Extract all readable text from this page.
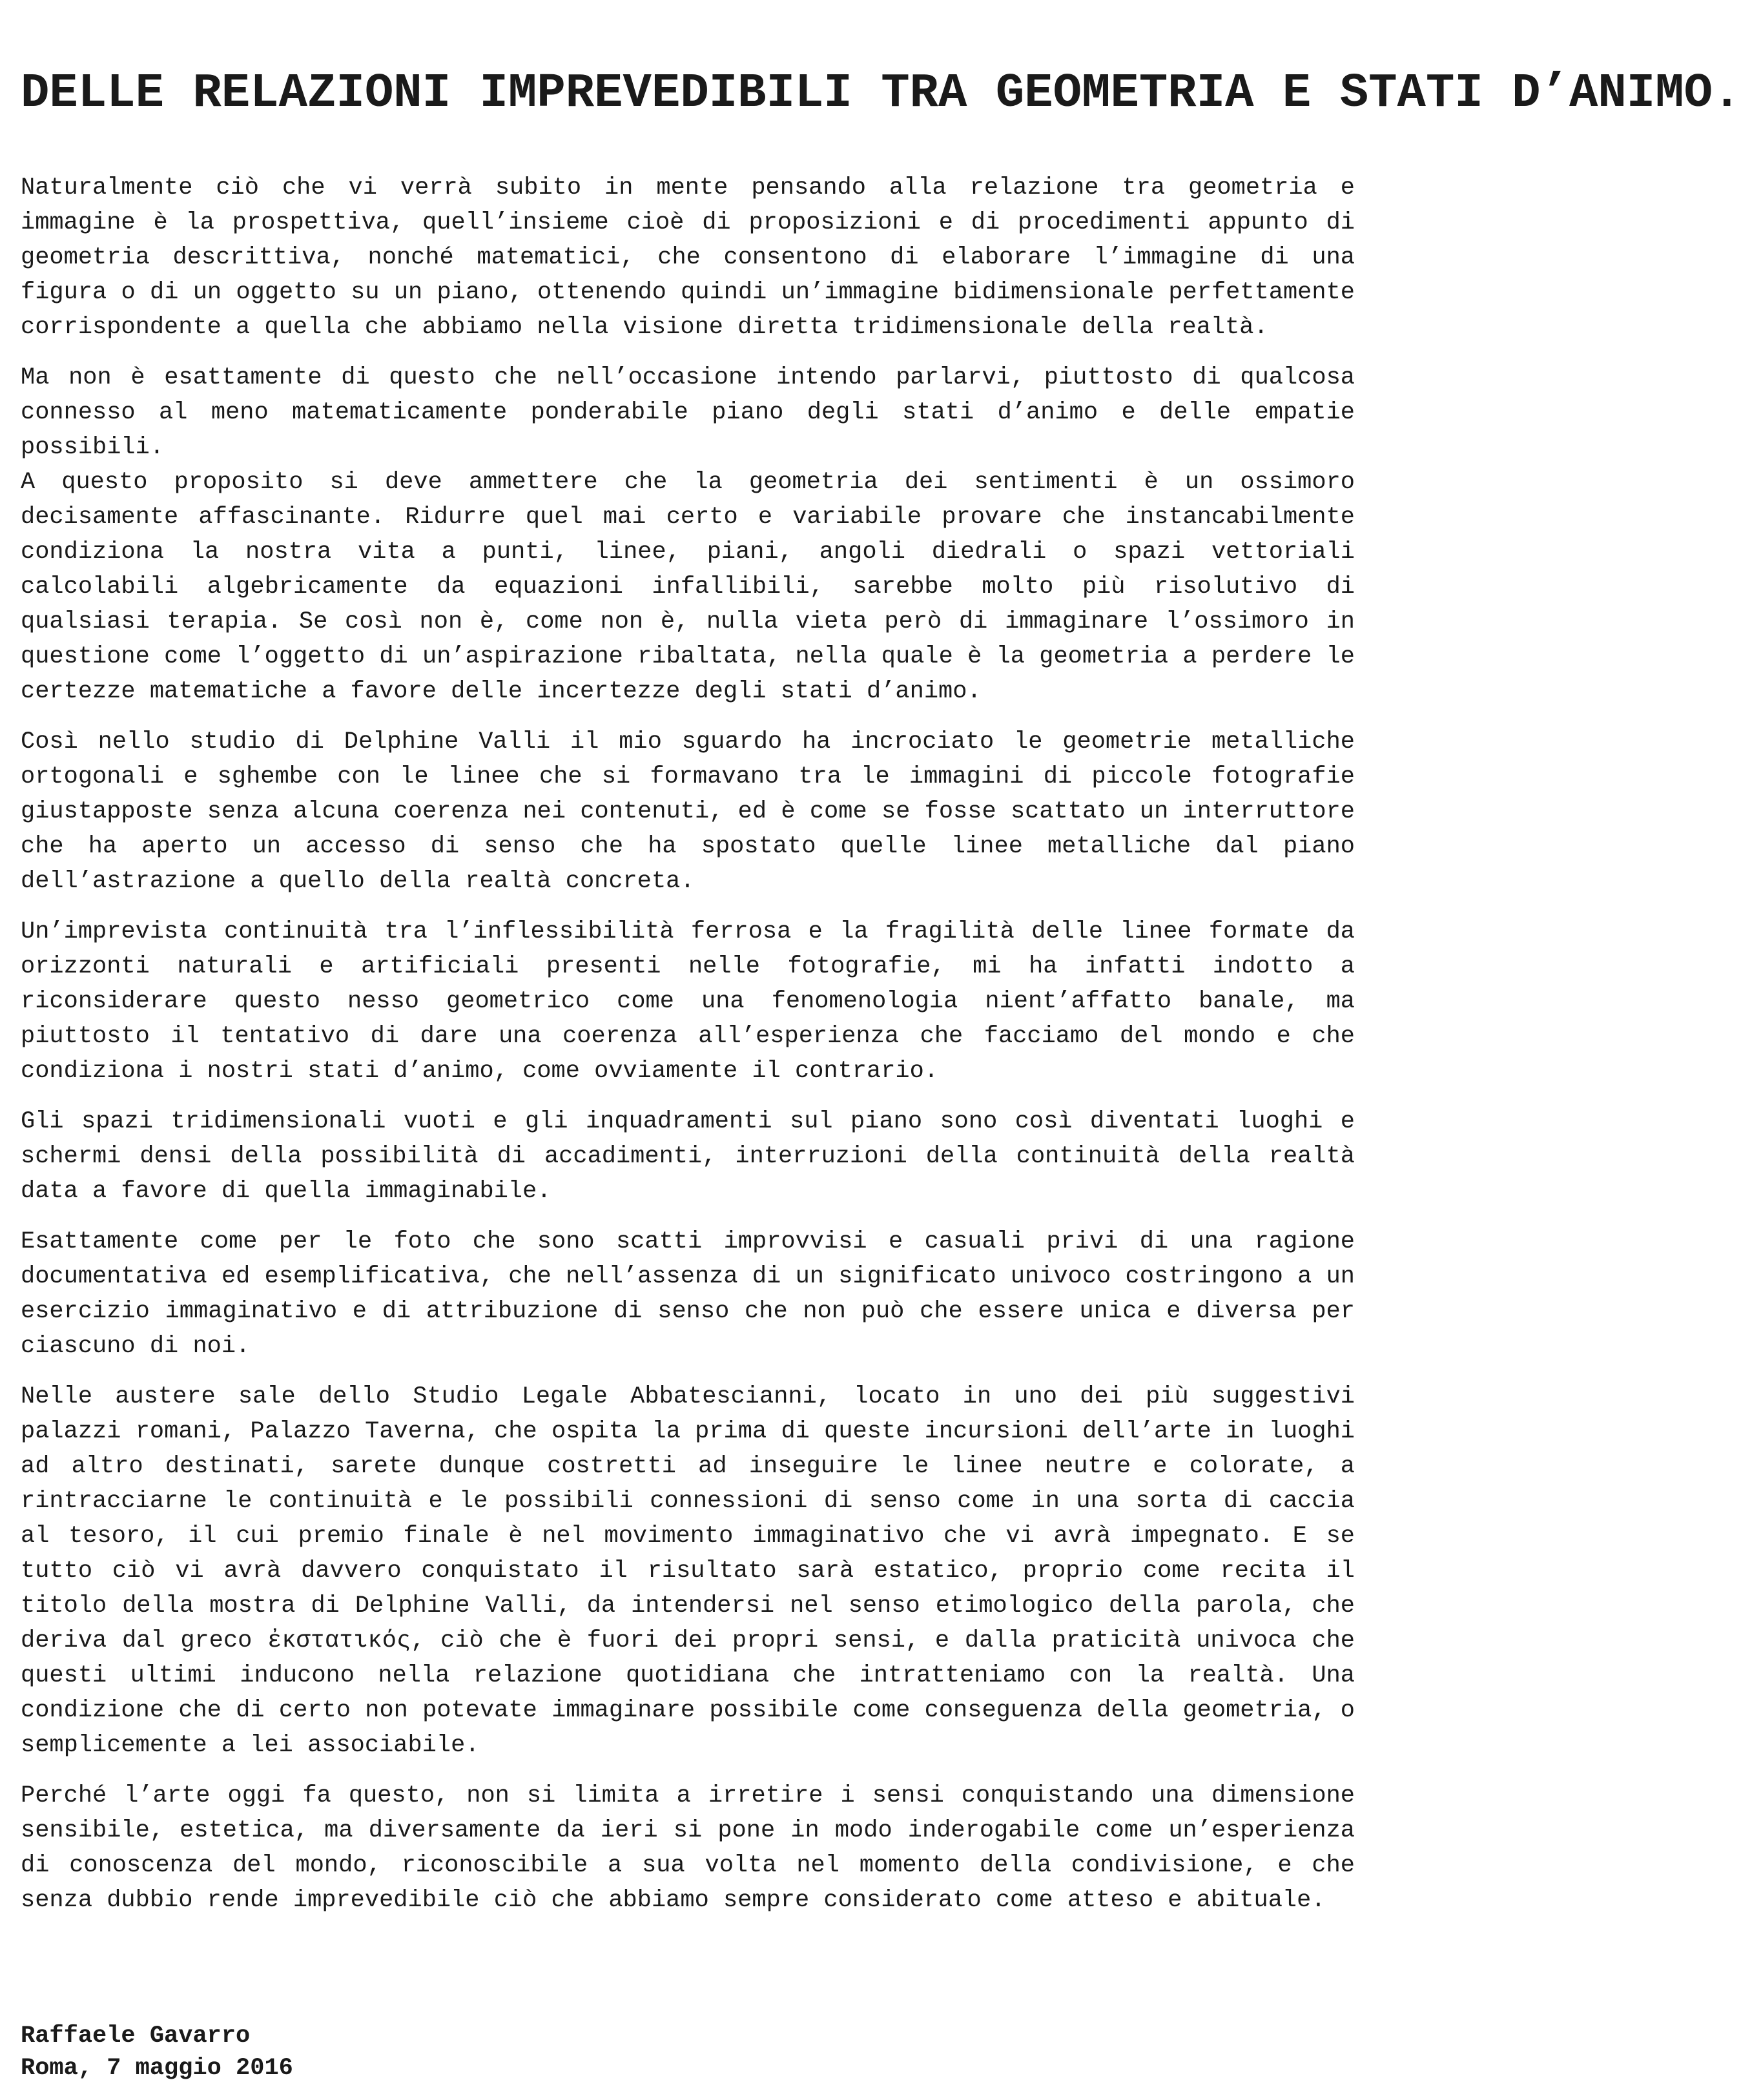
DELLE RELAZIONI IMPREVEDIBILI TRA GEOMETRIA E STATI D’ANIMO.

Naturalmente ciò che vi verrà subito in mente pensando alla relazione tra geometria e immagine è la prospettiva, quell’insieme cioè di proposizioni e di procedimenti appunto di geometria descrittiva, nonché matematici, che consentono di elaborare l’immagine di una figura o di un oggetto su un piano, ottenendo quindi un’immagine bidimensionale perfettamente corrispondente a quella che abbiamo nella visione diretta tridimensionale della realtà.

Ma non è esattamente di questo che nell’occasione intendo parlarvi, piuttosto di qualcosa connesso al meno matematicamente ponderabile piano degli stati d’animo e delle empatie possibili.

A questo proposito si deve ammettere che la geometria dei sentimenti è un ossimoro decisamente affascinante. Ridurre quel mai certo e variabile provare che instancabilmente condiziona la nostra vita a punti, linee, piani, angoli diedrali o spazi vettoriali calcolabili algebricamente da equazioni infallibili, sarebbe molto più risolutivo di qualsiasi terapia. Se così non è, come non è, nulla vieta però di immaginare l’ossimoro in questione come l’oggetto di un’aspirazione ribaltata, nella quale è la geometria a perdere le certezze matematiche a favore delle incertezze degli stati d’animo.

Così nello studio di Delphine Valli il mio sguardo ha incrociato le geometrie metalliche ortogonali e sghembe con le linee che si formavano tra le immagini di piccole fotografie giustapposte senza alcuna coerenza nei contenuti, ed è come se fosse scattato un interruttore che ha aperto un accesso di senso che ha spostato quelle linee metalliche dal piano dell’astrazione a quello della realtà concreta.

Un’imprevista continuità tra l’inflessibilità ferrosa e la fragilità delle linee formate da orizzonti naturali e artificiali presenti nelle fotografie, mi ha infatti indotto a riconsiderare questo nesso geometrico come una fenomenologia nient’affatto banale, ma piuttosto il tentativo di dare una coerenza all’esperienza che facciamo del mondo e che condiziona i nostri stati d’animo, come ovviamente il contrario.

Gli spazi tridimensionali vuoti e gli inquadramenti sul piano sono così diventati luoghi e schermi densi della possibilità di accadimenti, interruzioni della continuità della realtà data a favore di quella immaginabile.

Esattamente come per le foto che sono scatti improvvisi e casuali privi di una ragione documentativa ed esemplificativa, che nell’assenza di un significato univoco costringono a un esercizio immaginativo e di attribuzione di senso che non può che essere unica e diversa per ciascuno di noi.

Nelle austere sale dello Studio Legale Abbatescianni, locato in uno dei più suggestivi palazzi romani, Palazzo Taverna, che ospita la prima di queste incursioni dell’arte in luoghi ad altro destinati, sarete dunque costretti ad inseguire le linee neutre e colorate, a rintracciarne le continuità e le possibili connessioni di senso come in una sorta di caccia al tesoro, il cui premio finale è nel movimento immaginativo che vi avrà impegnato. E se tutto ciò vi avrà davvero conquistato il risultato sarà estatico, proprio come recita il titolo della mostra di Delphine Valli, da intendersi nel senso etimologico della parola, che deriva dal greco ἐκστατικός, ciò che è fuori dei propri sensi, e dalla praticità univoca che questi ultimi inducono nella relazione quotidiana che intratteniamo con la realtà. Una condizione che di certo non potevate immaginare possibile come conseguenza della geometria, o semplicemente a lei associabile.

Perché l’arte oggi fa questo, non si limita a irretire i sensi conquistando una dimensione sensibile, estetica, ma diversamente da ieri si pone in modo inderogabile come un’esperienza di conoscenza del mondo, riconoscibile a sua volta nel momento della condivisione, e che senza dubbio rende imprevedibile ciò che abbiamo sempre considerato come atteso e abituale.

Raffaele Gavarro
Roma, 7 maggio 2016
